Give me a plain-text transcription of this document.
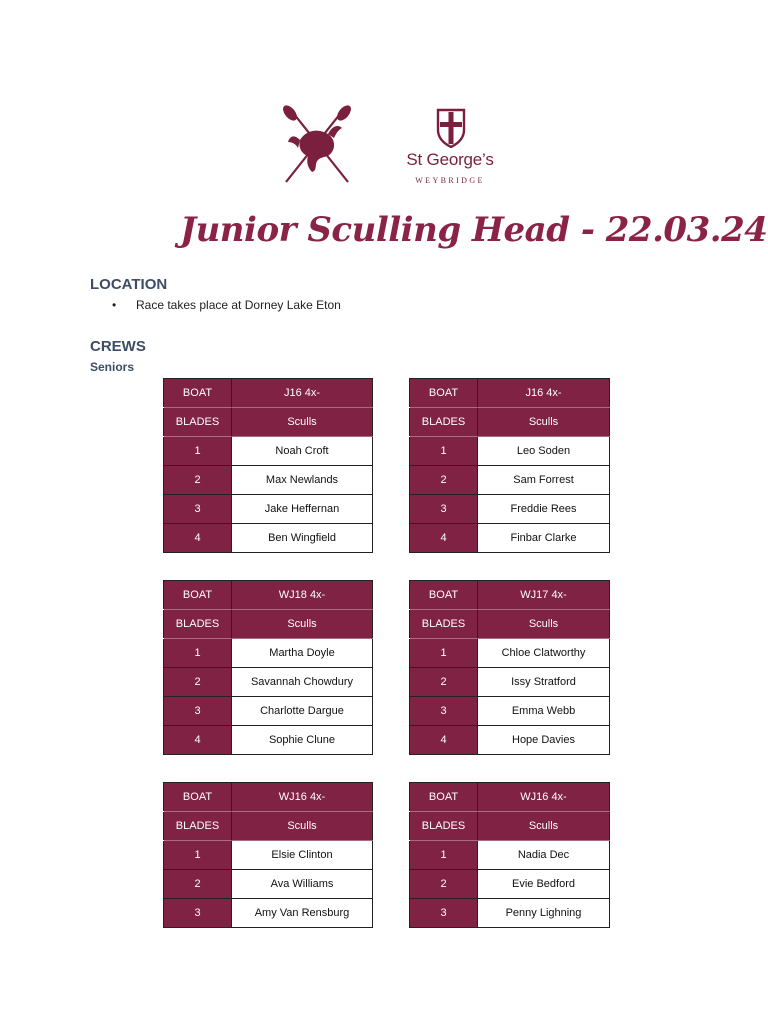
St George’s
WEYBRIDGE
Junior Sculling Head - 22.03.24
LOCATION
• Race takes place at Dorney Lake Eton
CREWS
Seniors
BOAT	J16 4x-
BLADES	Sculls
1	Noah Croft
2	Max Newlands
3	Jake Heffernan
4	Ben Wingfield
BOAT	J16 4x-
BLADES	Sculls
1	Leo Soden
2	Sam Forrest
3	Freddie Rees
4	Finbar Clarke
BOAT	WJ18 4x-
BLADES	Sculls
1	Martha Doyle
2	Savannah Chowdury
3	Charlotte Dargue
4	Sophie Clune
BOAT	WJ17 4x-
BLADES	Sculls
1	Chloe Clatworthy
2	Issy Stratford
3	Emma Webb
4	Hope Davies
BOAT	WJ16 4x-
BLADES	Sculls
1	Elsie Clinton
2	Ava Williams
3	Amy Van Rensburg
BOAT	WJ16 4x-
BLADES	Sculls
1	Nadia Dec
2	Evie Bedford
3	Penny Lighning
